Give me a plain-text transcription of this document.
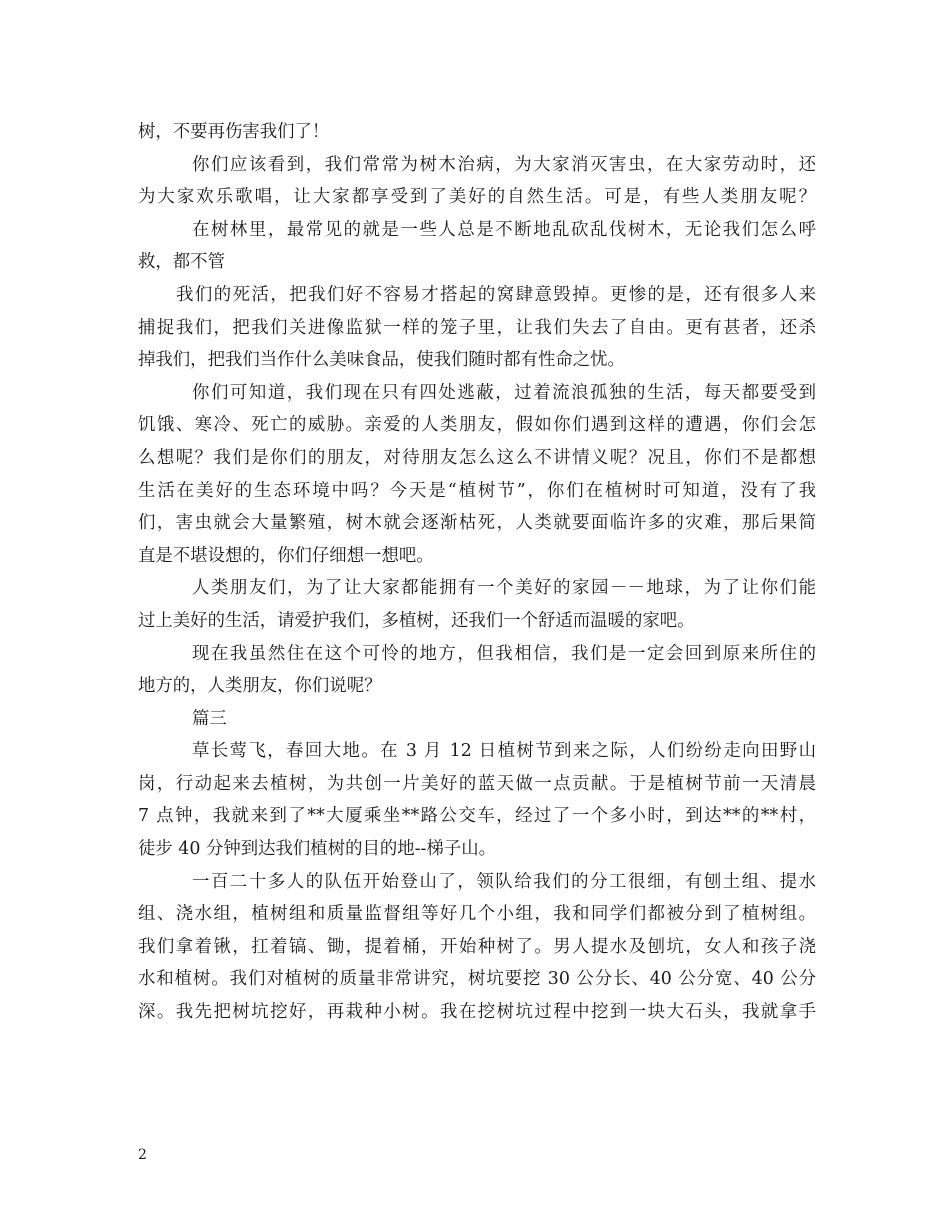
树，不要再伤害我们了！
你们应该看到，我们常常为树木治病，为大家消灭害虫，在大家劳动时，还
为大家欢乐歌唱，让大家都享受到了美好的自然生活。可是，有些人类朋友呢？
在树林里，最常见的就是一些人总是不断地乱砍乱伐树木，无论我们怎么呼
救，都不管
我们的死活，把我们好不容易才搭起的窝肆意毁掉。更惨的是，还有很多人来
捕捉我们，把我们关进像监狱一样的笼子里，让我们失去了自由。更有甚者，还杀
掉我们，把我们当作什么美味食品，使我们随时都有性命之忧。
你们可知道，我们现在只有四处逃蔽，过着流浪孤独的生活，每天都要受到
饥饿、寒冷、死亡的威胁。亲爱的人类朋友，假如你们遇到这样的遭遇，你们会怎
么想呢？我们是你们的朋友，对待朋友怎么这么不讲情义呢？况且，你们不是都想
生活在美好的生态环境中吗？今天是“植树节”，你们在植树时可知道，没有了我
们，害虫就会大量繁殖，树木就会逐渐枯死，人类就要面临许多的灾难，那后果简
直是不堪设想的，你们仔细想一想吧。
人类朋友们，为了让大家都能拥有一个美好的家园－－地球，为了让你们能
过上美好的生活，请爱护我们，多植树，还我们一个舒适而温暖的家吧。
现在我虽然住在这个可怜的地方，但我相信，我们是一定会回到原来所住的
地方的，人类朋友，你们说呢？
篇三
草长莺飞，春回大地。在 3 月 12 日植树节到来之际，人们纷纷走向田野山
岗，行动起来去植树，为共创一片美好的蓝天做一点贡献。于是植树节前一天清晨
7 点钟，我就来到了**大厦乘坐**路公交车，经过了一个多小时，到达**的**村，
徒步 40 分钟到达我们植树的目的地--梯子山。
一百二十多人的队伍开始登山了，领队给我们的分工很细，有刨土组、提水
组、浇水组，植树组和质量监督组等好几个小组，我和同学们都被分到了植树组。
我们拿着锹，扛着镐、锄，提着桶，开始种树了。男人提水及刨坑，女人和孩子浇
水和植树。我们对植树的质量非常讲究，树坑要挖 30 公分长、40 公分宽、40 公分
深。我先把树坑挖好，再栽种小树。我在挖树坑过程中挖到一块大石头，我就拿手
2
